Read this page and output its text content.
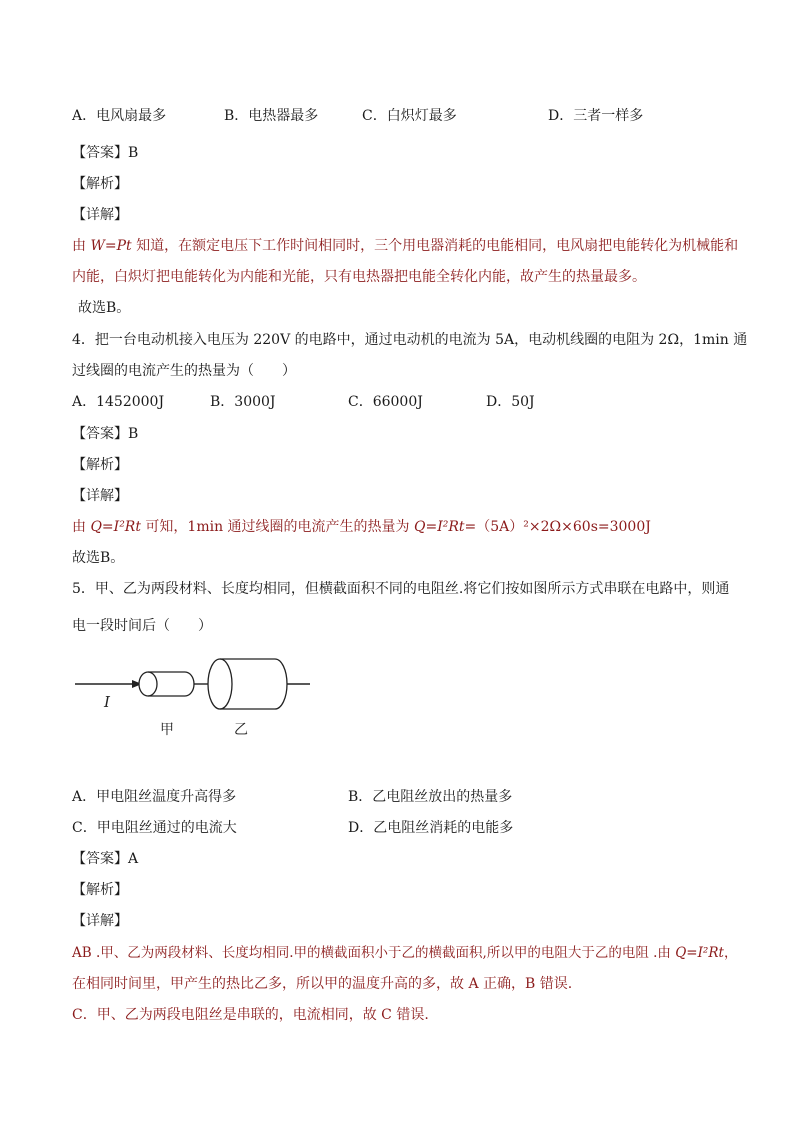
A．电风扇最多	B．电热器最多	C．白炽灯最多	D．三者一样多
【答案】B
【解析】
【详解】
由 W=Pt 知道，在额定电压下工作时间相同时，三个用电器消耗的电能相同，电风扇把电能转化为机械能和
内能，白炽灯把电能转化为内能和光能，只有电热器把电能全转化内能，故产生的热量最多。
故选B。
4．把一台电动机接入电压为 220V 的电路中，通过电动机的电流为 5A，电动机线圈的电阻为 2Ω，1min 通
过线圈的电流产生的热量为（　　）
A．1452000J	B．3000J	C．66000J	D．50J
【答案】B
【解析】
【详解】
由 Q=I²Rt 可知，1min 通过线圈的电流产生的热量为 Q=I²Rt=（5A）²×2Ω×60s=3000J
故选B。
5．甲、乙为两段材料、长度均相同，但横截面积不同的电阻丝.将它们按如图所示方式串联在电路中，则通
电一段时间后（　　）
I
甲	乙
A．甲电阻丝温度升高得多	B．乙电阻丝放出的热量多
C．甲电阻丝通过的电流大	D．乙电阻丝消耗的电能多
【答案】A
【解析】
【详解】
AB .甲、乙为两段材料、长度均相同.甲的横截面积小于乙的横截面积,所以甲的电阻大于乙的电阻 .由 Q=I²Rt，
在相同时间里，甲产生的热比乙多，所以甲的温度升高的多，故 A 正确，B 错误.
C．甲、乙为两段电阻丝是串联的，电流相同，故 C 错误.
